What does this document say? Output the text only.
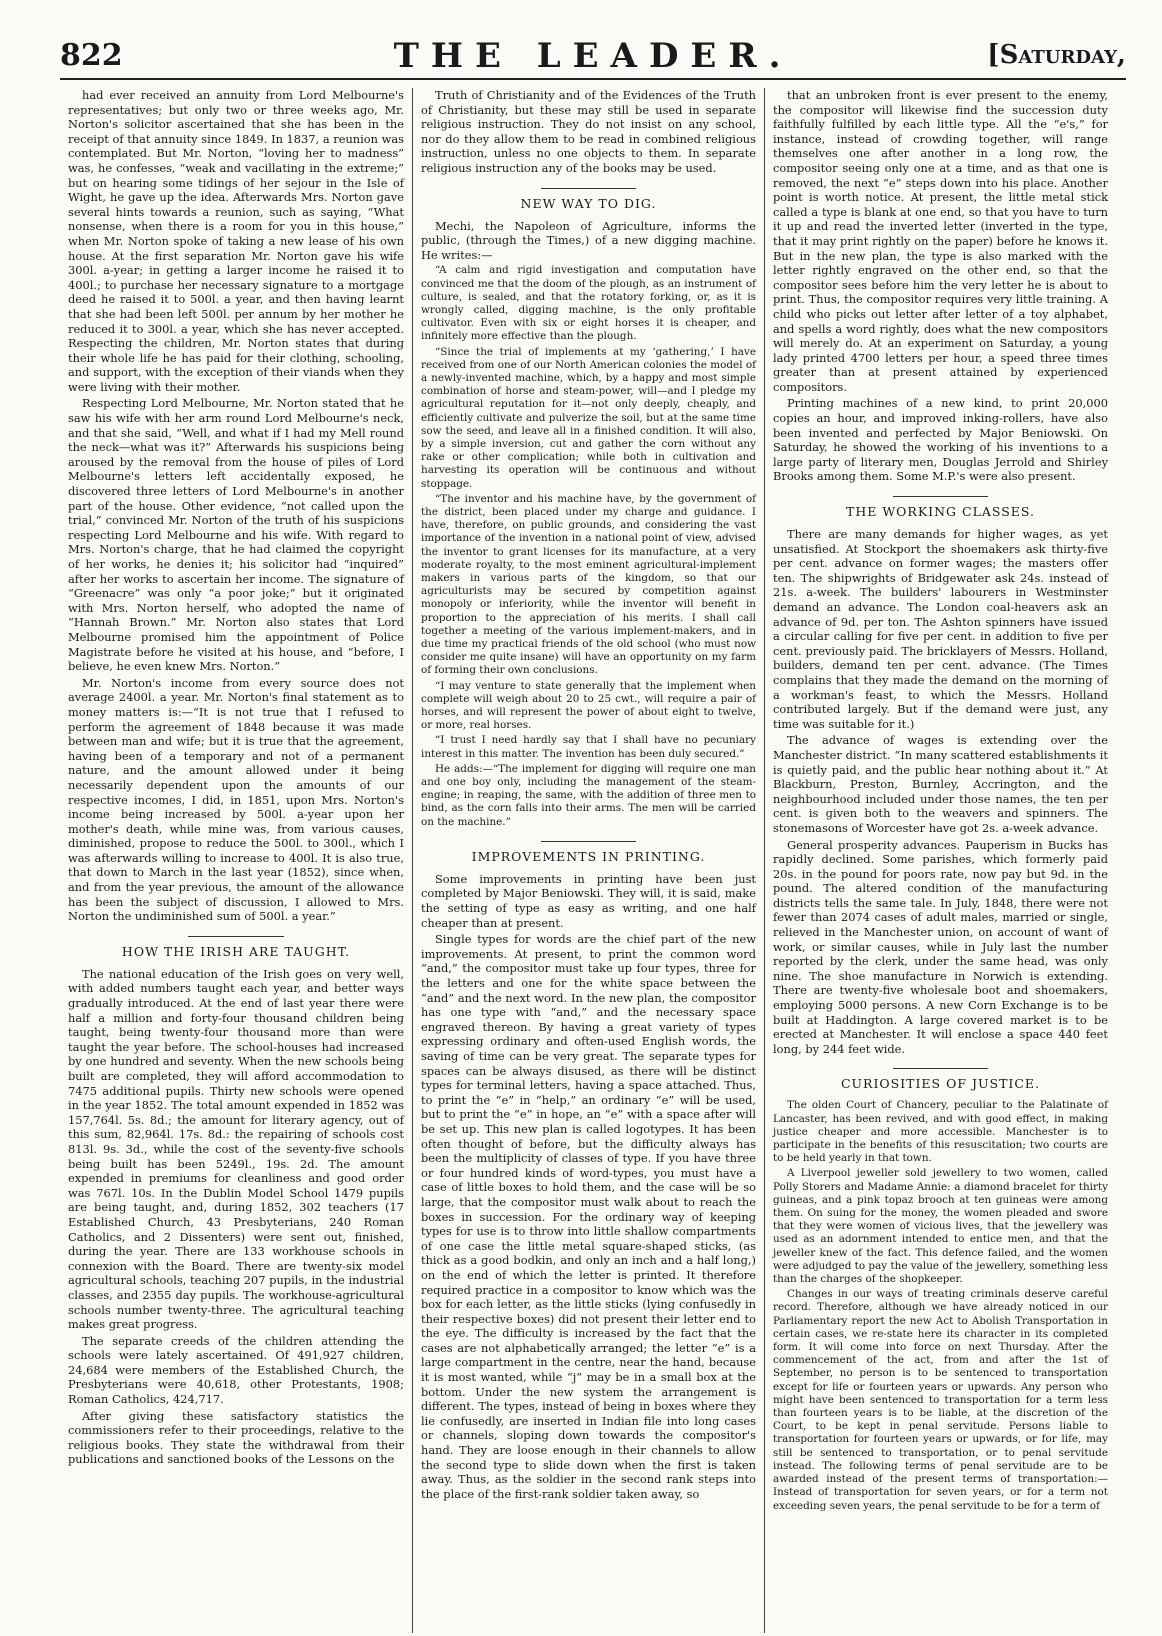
822	THE LEADER.	[Saturday,

had ever received an annuity from Lord Melbourne's representatives; but only two or three weeks ago, Mr. Norton's solicitor ascertained that she has been in the receipt of that annuity since 1849. In 1837, a reunion was contemplated. But Mr. Norton, “loving her to madness” was, he confesses, “weak and vacillating in the extreme;” but on hearing some tidings of her sejour in the Isle of Wight, he gave up the idea. Afterwards Mrs. Norton gave several hints towards a reunion, such as saying, “What nonsense, when there is a room for you in this house,” when Mr. Norton spoke of taking a new lease of his own house. At the first separation Mr. Norton gave his wife 300l. a-year; in getting a larger income he raised it to 400l.; to purchase her necessary signature to a mortgage deed he raised it to 500l. a year, and then having learnt that she had been left 500l. per annum by her mother he reduced it to 300l. a year, which she has never accepted. Respecting the children, Mr. Norton states that during their whole life he has paid for their clothing, schooling, and support, with the exception of their viands when they were living with their mother.

Respecting Lord Melbourne, Mr. Norton stated that he saw his wife with her arm round Lord Melbourne's neck, and that she said, “Well, and what if I had my Mell round the neck—what was it?” Afterwards his suspicions being aroused by the removal from the house of piles of Lord Melbourne's letters left accidentally exposed, he discovered three letters of Lord Melbourne's in another part of the house. Other evidence, “not called upon the trial,” convinced Mr. Norton of the truth of his suspicions respecting Lord Melbourne and his wife. With regard to Mrs. Norton's charge, that he had claimed the copyright of her works, he denies it; his solicitor had “inquired” after her works to ascertain her income. The signature of “Greenacre” was only “a poor joke;” but it originated with Mrs. Norton herself, who adopted the name of “Hannah Brown.” Mr. Norton also states that Lord Melbourne promised him the appointment of Police Magistrate before he visited at his house, and “before, I believe, he even knew Mrs. Norton.”

Mr. Norton's income from every source does not average 2400l. a year. Mr. Norton's final statement as to money matters is:—“It is not true that I refused to perform the agreement of 1848 because it was made between man and wife; but it is true that the agreement, having been of a temporary and not of a permanent nature, and the amount allowed under it being necessarily dependent upon the amounts of our respective incomes, I did, in 1851, upon Mrs. Norton's income being increased by 500l. a-year upon her mother's death, while mine was, from various causes, diminished, propose to reduce the 500l. to 300l., which I was afterwards willing to increase to 400l. It is also true, that down to March in the last year (1852), since when, and from the year previous, the amount of the allowance has been the subject of discussion, I allowed to Mrs. Norton the undiminished sum of 500l. a year.”

HOW THE IRISH ARE TAUGHT.

The national education of the Irish goes on very well, with added numbers taught each year, and better ways gradually introduced. At the end of last year there were half a million and forty-four thousand children being taught, being twenty-four thousand more than were taught the year before. The school-houses had increased by one hundred and seventy. When the new schools being built are completed, they will afford accommodation to 7475 additional pupils. Thirty new schools were opened in the year 1852. The total amount expended in 1852 was 157,764l. 5s. 8d.; the amount for literary agency, out of this sum, 82,964l. 17s. 8d.: the repairing of schools cost 813l. 9s. 3d., while the cost of the seventy-five schools being built has been 5249l., 19s. 2d. The amount expended in premiums for cleanliness and good order was 767l. 10s. In the Dublin Model School 1479 pupils are being taught, and, during 1852, 302 teachers (17 Established Church, 43 Presbyterians, 240 Roman Catholics, and 2 Dissenters) were sent out, finished, during the year. There are 133 workhouse schools in connexion with the Board. There are twenty-six model agricultural schools, teaching 207 pupils, in the industrial classes, and 2355 day pupils. The workhouse-agricultural schools number twenty-three. The agricultural teaching makes great progress.

The separate creeds of the children attending the schools were lately ascertained. Of 491,927 children, 24,684 were members of the Established Church, the Presbyterians were 40,618, other Protestants, 1908; Roman Catholics, 424,717.

After giving these satisfactory statistics the commissioners refer to their proceedings, relative to the religious books. They state the withdrawal from their publications and sanctioned books of the Lessons on the

Truth of Christianity and of the Evidences of the Truth of Christianity, but these may still be used in separate religious instruction. They do not insist on any school, nor do they allow them to be read in combined religious instruction, unless no one objects to them. In separate religious instruction any of the books may be used.

NEW WAY TO DIG.

Mechi, the Napoleon of Agriculture, informs the public, (through the Times,) of a new digging machine. He writes:—

“A calm and rigid investigation and computation have convinced me that the doom of the plough, as an instrument of culture, is sealed, and that the rotatory forking, or, as it is wrongly called, digging machine, is the only profitable cultivator. Even with six or eight horses it is cheaper, and infinitely more effective than the plough.

“Since the trial of implements at my ‘gathering,’ I have received from one of our North American colonies the model of a newly-invented machine, which, by a happy and most simple combination of horse and steam-power, will—and I pledge my agricultural reputation for it—not only deeply, cheaply, and efficiently cultivate and pulverize the soil, but at the same time sow the seed, and leave all in a finished condition. It will also, by a simple inversion, cut and gather the corn without any rake or other complication; while both in cultivation and harvesting its operation will be continuous and without stoppage.

“The inventor and his machine have, by the government of the district, been placed under my charge and guidance. I have, therefore, on public grounds, and considering the vast importance of the invention in a national point of view, advised the inventor to grant licenses for its manufacture, at a very moderate royalty, to the most eminent agricultural-implement makers in various parts of the kingdom, so that our agriculturists may be secured by competition against monopoly or inferiority, while the inventor will benefit in proportion to the appreciation of his merits. I shall call together a meeting of the various implement-makers, and in due time my practical friends of the old school (who must now consider me quite insane) will have an opportunity on my farm of forming their own conclusions.

“I may venture to state generally that the implement when complete will weigh about 20 to 25 cwt., will require a pair of horses, and will represent the power of about eight to twelve, or more, real horses.

“I trust I need hardly say that I shall have no pecuniary interest in this matter. The invention has been duly secured.”

He adds:—“The implement for digging will require one man and one boy only, including the management of the steam-engine; in reaping, the same, with the addition of three men to bind, as the corn falls into their arms. The men will be carried on the machine.”

IMPROVEMENTS IN PRINTING.

Some improvements in printing have been just completed by Major Beniowski. They will, it is said, make the setting of type as easy as writing, and one half cheaper than at present.

Single types for words are the chief part of the new improvements. At present, to print the common word “and,” the compositor must take up four types, three for the letters and one for the white space between the “and” and the next word. In the new plan, the compositor has one type with “and,” and the necessary space engraved thereon. By having a great variety of types expressing ordinary and often-used English words, the saving of time can be very great. The separate types for spaces can be always disused, as there will be distinct types for terminal letters, having a space attached. Thus, to print the “e” in “help,” an ordinary “e” will be used, but to print the “e” in hope, an “e” with a space after will be set up. This new plan is called logotypes. It has been often thought of before, but the difficulty always has been the multiplicity of classes of type. If you have three or four hundred kinds of word-types, you must have a case of little boxes to hold them, and the case will be so large, that the compositor must walk about to reach the boxes in succession. For the ordinary way of keeping types for use is to throw into little shallow compartments of one case the little metal square-shaped sticks, (as thick as a good bodkin, and only an inch and a half long,) on the end of which the letter is printed. It therefore required practice in a compositor to know which was the box for each letter, as the little sticks (lying confusedly in their respective boxes) did not present their letter end to the eye. The difficulty is increased by the fact that the cases are not alphabetically arranged; the letter “e” is a large compartment in the centre, near the hand, because it is most wanted, while “j” may be in a small box at the bottom. Under the new system the arrangement is different. The types, instead of being in boxes where they lie confusedly, are inserted in Indian file into long cases or channels, sloping down towards the compositor's hand. They are loose enough in their channels to allow the second type to slide down when the first is taken away. Thus, as the soldier in the second rank steps into the place of the first-rank soldier taken away, so

that an unbroken front is ever present to the enemy, the compositor will likewise find the succession duty faithfully fulfilled by each little type. All the “e's,” for instance, instead of crowding together, will range themselves one after another in a long row, the compositor seeing only one at a time, and as that one is removed, the next “e” steps down into his place. Another point is worth notice. At present, the little metal stick called a type is blank at one end, so that you have to turn it up and read the inverted letter (inverted in the type, that it may print rightly on the paper) before he knows it. But in the new plan, the type is also marked with the letter rightly engraved on the other end, so that the compositor sees before him the very letter he is about to print. Thus, the compositor requires very little training. A child who picks out letter after letter of a toy alphabet, and spells a word rightly, does what the new compositors will merely do. At an experiment on Saturday, a young lady printed 4700 letters per hour, a speed three times greater than at present attained by experienced compositors.

Printing machines of a new kind, to print 20,000 copies an hour, and improved inking-rollers, have also been invented and perfected by Major Beniowski. On Saturday, he showed the working of his inventions to a large party of literary men, Douglas Jerrold and Shirley Brooks among them. Some M.P.'s were also present.

THE WORKING CLASSES.

There are many demands for higher wages, as yet unsatisfied. At Stockport the shoemakers ask thirty-five per cent. advance on former wages; the masters offer ten. The shipwrights of Bridgewater ask 24s. instead of 21s. a-week. The builders' labourers in Westminster demand an advance. The London coal-heavers ask an advance of 9d. per ton. The Ashton spinners have issued a circular calling for five per cent. in addition to five per cent. previously paid. The bricklayers of Messrs. Holland, builders, demand ten per cent. advance. (The Times complains that they made the demand on the morning of a workman's feast, to which the Messrs. Holland contributed largely. But if the demand were just, any time was suitable for it.)

The advance of wages is extending over the Manchester district. “In many scattered establishments it is quietly paid, and the public hear nothing about it.” At Blackburn, Preston, Burnley, Accrington, and the neighbourhood included under those names, the ten per cent. is given both to the weavers and spinners. The stonemasons of Worcester have got 2s. a-week advance.

General prosperity advances. Pauperism in Bucks has rapidly declined. Some parishes, which formerly paid 20s. in the pound for poors rate, now pay but 9d. in the pound. The altered condition of the manufacturing districts tells the same tale. In July, 1848, there were not fewer than 2074 cases of adult males, married or single, relieved in the Manchester union, on account of want of work, or similar causes, while in July last the number reported by the clerk, under the same head, was only nine. The shoe manufacture in Norwich is extending. There are twenty-five wholesale boot and shoemakers, employing 5000 persons. A new Corn Exchange is to be built at Haddington. A large covered market is to be erected at Manchester. It will enclose a space 440 feet long, by 244 feet wide.

CURIOSITIES OF JUSTICE.

The olden Court of Chancery, peculiar to the Palatinate of Lancaster, has been revived, and with good effect, in making justice cheaper and more accessible. Manchester is to participate in the benefits of this resuscitation; two courts are to be held yearly in that town.

A Liverpool jeweller sold jewellery to two women, called Polly Storers and Madame Annie: a diamond bracelet for thirty guineas, and a pink topaz brooch at ten guineas were among them. On suing for the money, the women pleaded and swore that they were women of vicious lives, that the jewellery was used as an adornment intended to entice men, and that the jeweller knew of the fact. This defence failed, and the women were adjudged to pay the value of the jewellery, something less than the charges of the shopkeeper.

Changes in our ways of treating criminals deserve careful record. Therefore, although we have already noticed in our Parliamentary report the new Act to Abolish Transportation in certain cases, we re-state here its character in its completed form. It will come into force on next Thursday. After the commencement of the act, from and after the 1st of September, no person is to be sentenced to transportation except for life or fourteen years or upwards. Any person who might have been sentenced to transportation for a term less than fourteen years is to be liable, at the discretion of the Court, to be kept in penal servitude. Persons liable to transportation for fourteen years or upwards, or for life, may still be sentenced to transportation, or to penal servitude instead. The following terms of penal servitude are to be awarded instead of the present terms of transportation:—Instead of transportation for seven years, or for a term not exceeding seven years, the penal servitude to be for a term of
